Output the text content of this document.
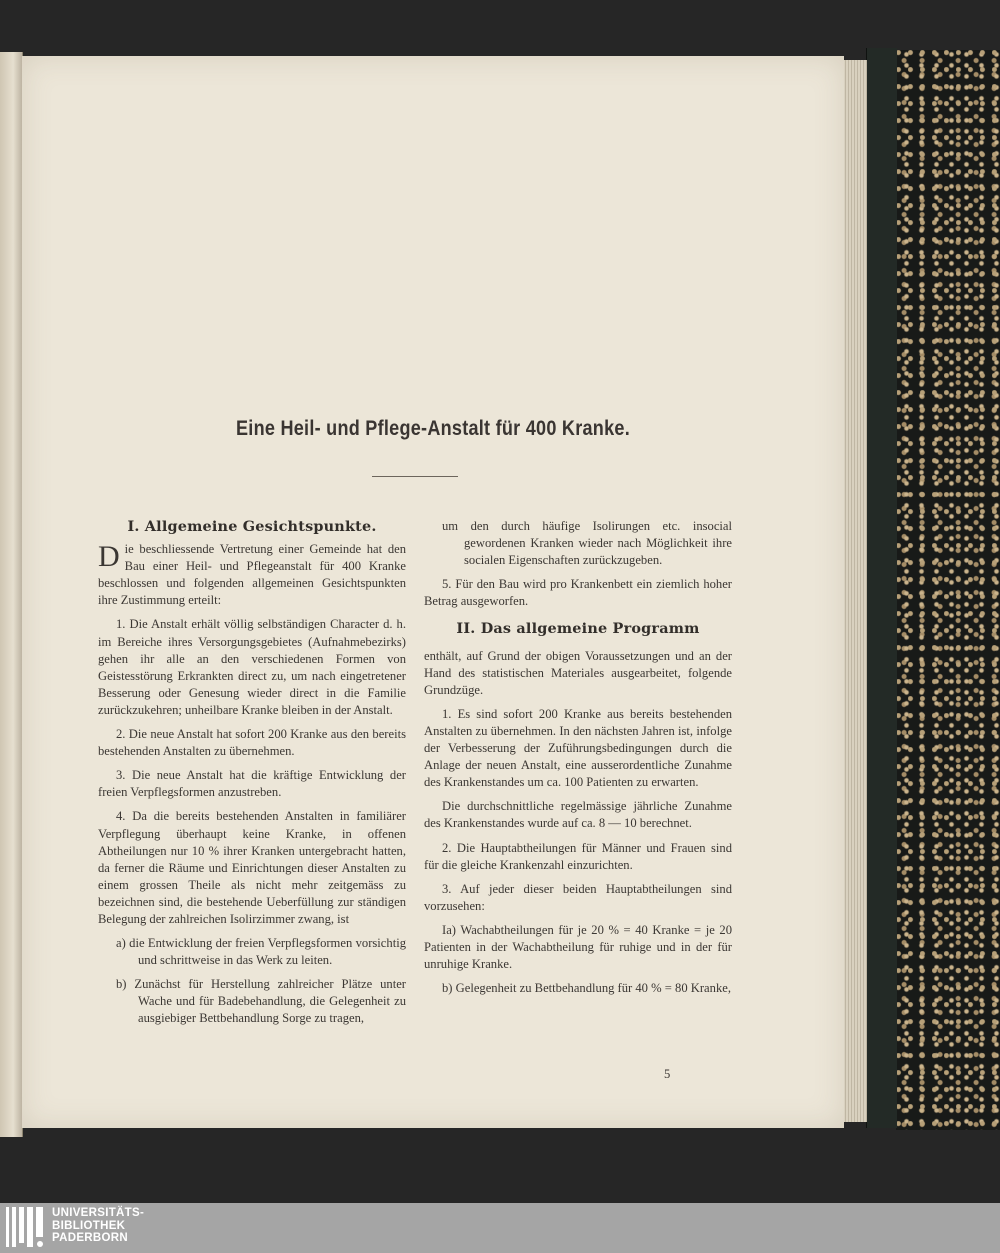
Eine Heil- und Pflege-Anstalt für 400 Kranke.
I. Allgemeine Gesichtspunkte.

Die beschliessende Vertretung einer Gemeinde hat den Bau einer Heil- und Pflegeanstalt für 400 Kranke beschlossen und folgenden allgemeinen Gesichtspunkten ihre Zustimmung erteilt:

1. Die Anstalt erhält völlig selbständigen Character d. h. im Bereiche ihres Versorgungsgebietes (Aufnahmebezirks) gehen ihr alle an den verschiedenen Formen von Geistesstörung Erkrankten direct zu, um nach eingetretener Besserung oder Genesung wieder direct in die Familie zurückzukehren; unheilbare Kranke bleiben in der Anstalt.

2. Die neue Anstalt hat sofort 200 Kranke aus den bereits bestehenden Anstalten zu übernehmen.

3. Die neue Anstalt hat die kräftige Entwicklung der freien Verpflegsformen anzustreben.

4. Da die bereits bestehenden Anstalten in familiärer Verpflegung überhaupt keine Kranke, in offenen Abtheilungen nur 10 % ihrer Kranken untergebracht hatten, da ferner die Räume und Einrichtungen dieser Anstalten zu einem grossen Theile als nicht mehr zeitgemäss zu bezeichnen sind, die bestehende Ueberfüllung zur ständigen Belegung der zahlreichen Isolirzimmer zwang, ist

a) die Entwicklung der freien Verpflegsformen vorsichtig und schrittweise in das Werk zu leiten.

b) Zunächst für Herstellung zahlreicher Plätze unter Wache und für Badebehandlung, die Gelegenheit zu ausgiebiger Bettbehandlung Sorge zu tragen,

um den durch häufige Isolirungen etc. insocial gewordenen Kranken wieder nach Möglichkeit ihre socialen Eigenschaften zurückzugeben.

5. Für den Bau wird pro Krankenbett ein ziemlich hoher Betrag ausgeworfen.

II. Das allgemeine Programm

enthält, auf Grund der obigen Voraussetzungen und an der Hand des statistischen Materiales ausgearbeitet, folgende Grundzüge.

1. Es sind sofort 200 Kranke aus bereits bestehenden Anstalten zu übernehmen. In den nächsten Jahren ist, infolge der Verbesserung der Zuführungsbedingungen durch die Anlage der neuen Anstalt, eine ausserordentliche Zunahme des Krankenstandes um ca. 100 Patienten zu erwarten.

Die durchschnittliche regelmässige jährliche Zunahme des Krankenstandes wurde auf ca. 8 — 10 berechnet.

2. Die Hauptabtheilungen für Männer und Frauen sind für die gleiche Krankenzahl einzurichten.

3. Auf jeder dieser beiden Hauptabtheilungen sind vorzusehen:

Ia) Wachabtheilungen für je 20 % = 40 Kranke = je 20 Patienten in der Wachabtheilung für ruhige und in der für unruhige Kranke.

b) Gelegenheit zu Bettbehandlung für 40 % = 80 Kranke,

5
UNIVERSITÄTS-
BIBLIOTHEK
PADERBORN
